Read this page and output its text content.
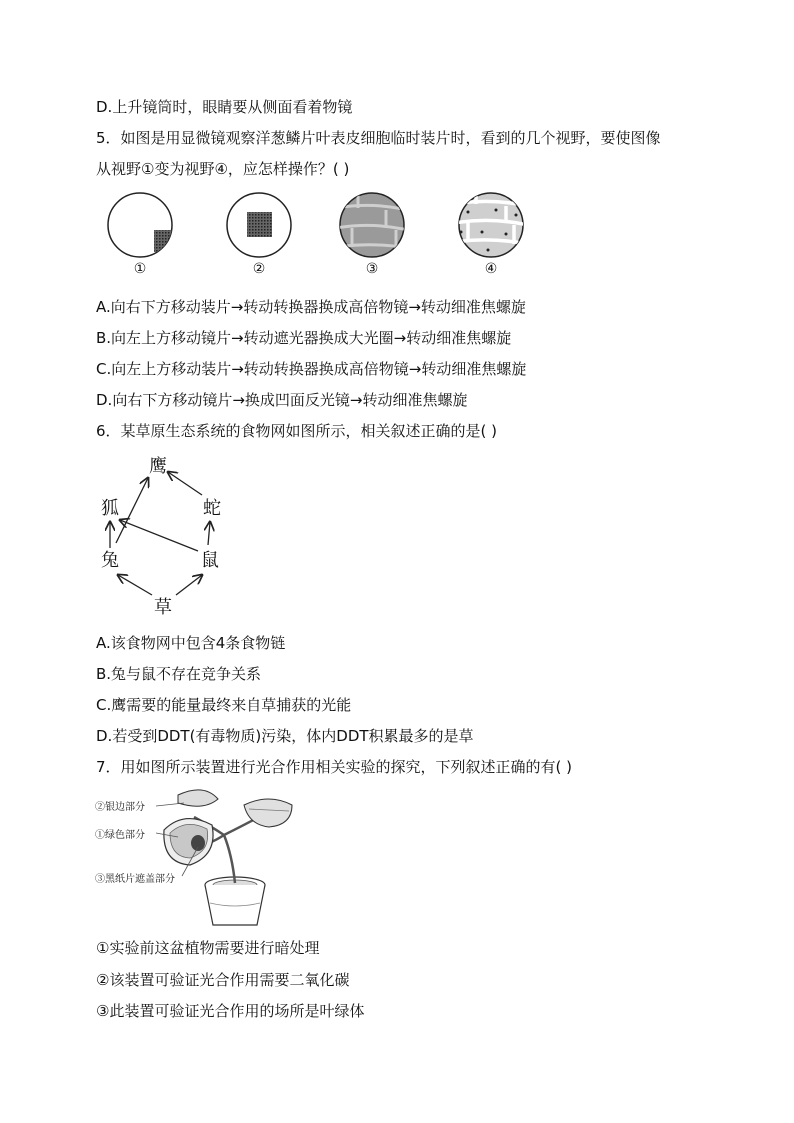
D.上升镜筒时，眼睛要从侧面看着物镜
5．如图是用显微镜观察洋葱鳞片叶表皮细胞临时装片时，看到的几个视野，要使图像
从视野①变为视野④，应怎样操作？( )
①	②	③	④
A.向右下方移动装片→转动转换器换成高倍物镜→转动细准焦螺旋
B.向左上方移动镜片→转动遮光器换成大光圈→转动细准焦螺旋
C.向左上方移动装片→转动转换器换成高倍物镜→转动细准焦螺旋
D.向右下方移动镜片→换成凹面反光镜→转动细准焦螺旋
6．某草原生态系统的食物网如图所示，相关叙述正确的是( )
鹰
狐	蛇
兔	鼠
草
A.该食物网中包含4条食物链
B.兔与鼠不存在竞争关系
C.鹰需要的能量最终来自草捕获的光能
D.若受到DDT(有毒物质)污染，体内DDT积累最多的是草
7．用如图所示装置进行光合作用相关实验的探究，下列叙述正确的有( )
②银边部分
①绿色部分
③黑纸片遮盖部分
①实验前这盆植物需要进行暗处理
②该装置可验证光合作用需要二氧化碳
③此装置可验证光合作用的场所是叶绿体
